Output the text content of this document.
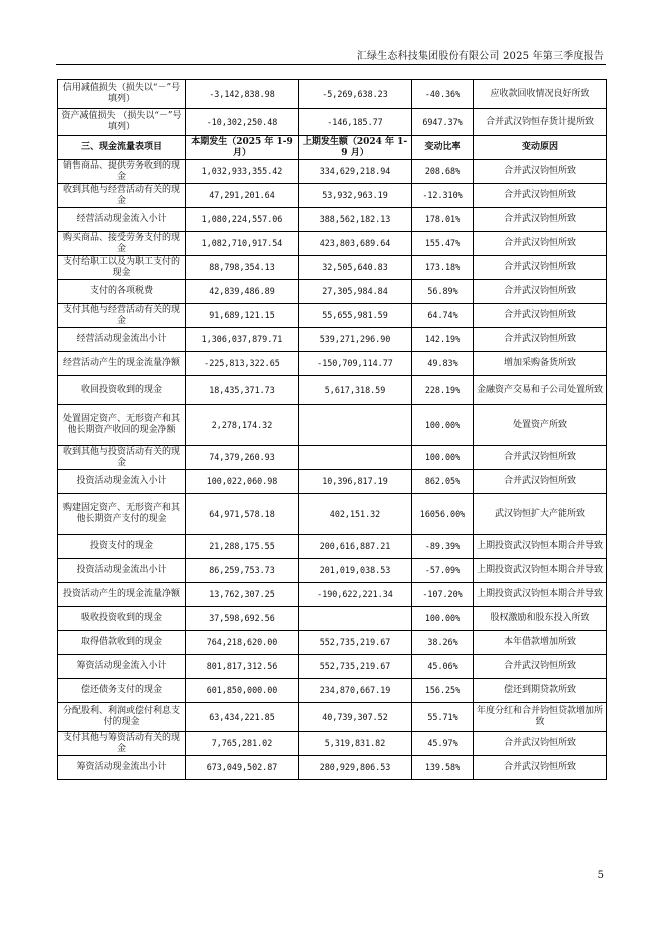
汇绿生态科技集团股份有限公司 2025 年第三季度报告
信用减值损失（损失以“－”号填列）	-3,142,838.98	-5,269,638.23	-40.36%	应收款回收情况良好所致
资产减值损失 （损失以“－”号填列）	-10,302,250.48	-146,185.77	6947.37%	合并武汉钧恒存货计提所致
三、现金流量表项目	本期发生（2025 年 1-9 月）	上期发生额（2024 年 1-9 月）	变动比率	变动原因
销售商品、提供劳务收到的现金	1,032,933,355.42	334,629,218.94	208.68%	合并武汉钧恒所致
收到其他与经营活动有关的现金	47,291,201.64	53,932,963.19	-12.310%	合并武汉钧恒所致
经营活动现金流入小计	1,080,224,557.06	388,562,182.13	178.01%	合并武汉钧恒所致
购买商品、接受劳务支付的现金	1,082,710,917.54	423,803,689.64	155.47%	合并武汉钧恒所致
支付给职工以及为职工支付的现金	88,798,354.13	32,505,640.83	173.18%	合并武汉钧恒所致
支付的各项税费	42,839,486.89	27,305,984.84	56.89%	合并武汉钧恒所致
支付其他与经营活动有关的现金	91,689,121.15	55,655,981.59	64.74%	合并武汉钧恒所致
经营活动现金流出小计	1,306,037,879.71	539,271,296.90	142.19%	合并武汉钧恒所致
经营活动产生的现金流量净额	-225,813,322.65	-150,709,114.77	49.83%	增加采购备货所致
收回投资收到的现金	18,435,371.73	5,617,318.59	228.19%	金融资产交易和子公司处置所致
处置固定资产、无形资产和其他长期资产收回的现金净额	2,278,174.32		100.00%	处置资产所致
收到其他与投资活动有关的现金	74,379,260.93		100.00%	合并武汉钧恒所致
投资活动现金流入小计	100,022,060.98	10,396,817.19	862.05%	合并武汉钧恒所致
购建固定资产、无形资产和其他长期资产支付的现金	64,971,578.18	402,151.32	16056.00%	武汉钧恒扩大产能所致
投资支付的现金	21,288,175.55	200,616,887.21	-89.39%	上期投资武汉钧恒本期合并导致
投资活动现金流出小计	86,259,753.73	201,019,038.53	-57.09%	上期投资武汉钧恒本期合并导致
投资活动产生的现金流量净额	13,762,307.25	-190,622,221.34	-107.20%	上期投资武汉钧恒本期合并导致
吸收投资收到的现金	37,598,692.56		100.00%	股权激励和股东投入所致
取得借款收到的现金	764,218,620.00	552,735,219.67	38.26%	本年借款增加所致
筹资活动现金流入小计	801,817,312.56	552,735,219.67	45.06%	合并武汉钧恒所致
偿还债务支付的现金	601,850,000.00	234,870,667.19	156.25%	偿还到期贷款所致
分配股利、利润或偿付利息支付的现金	63,434,221.85	40,739,307.52	55.71%	年度分红和合并钧恒贷款增加所致
支付其他与筹资活动有关的现金	7,765,281.02	5,319,831.82	45.97%	合并武汉钧恒所致
筹资活动现金流出小计	673,049,502.87	280,929,806.53	139.58%	合并武汉钧恒所致
5
